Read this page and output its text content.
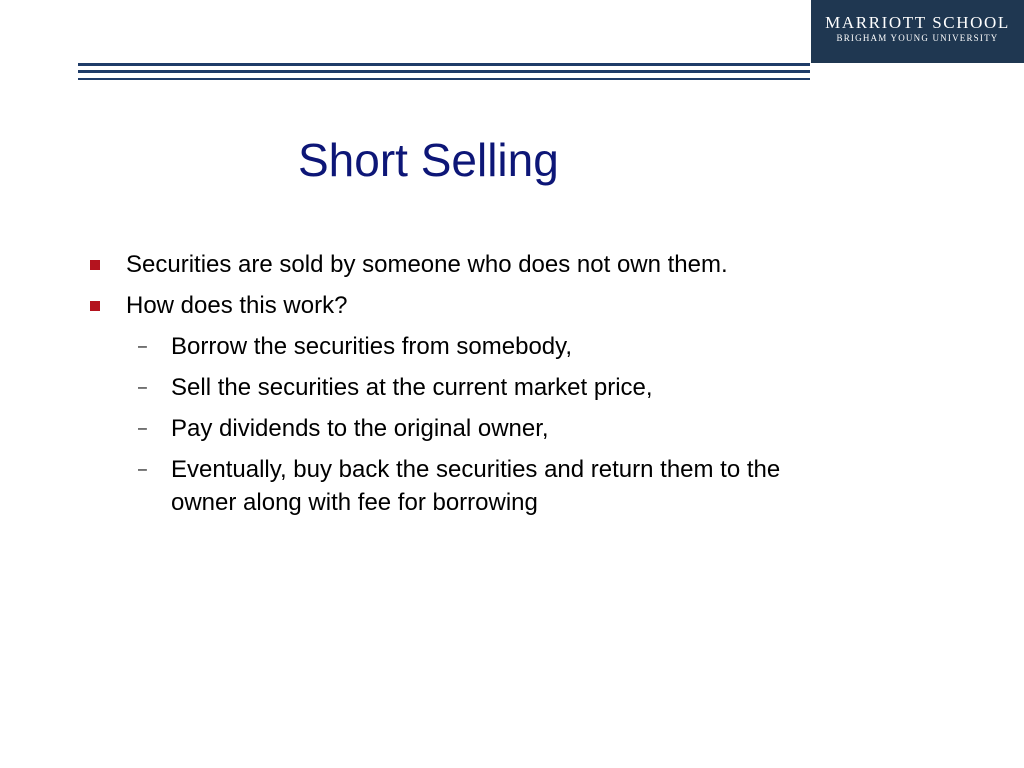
MARRIOTT SCHOOL
BRIGHAM YOUNG UNIVERSITY
Short Selling
Securities are sold by someone who does not own them.
How does this work?
– Borrow the securities from somebody,
– Sell the securities at the current market price,
– Pay dividends to the original owner,
– Eventually, buy back the securities and return them to the owner along with fee for borrowing
